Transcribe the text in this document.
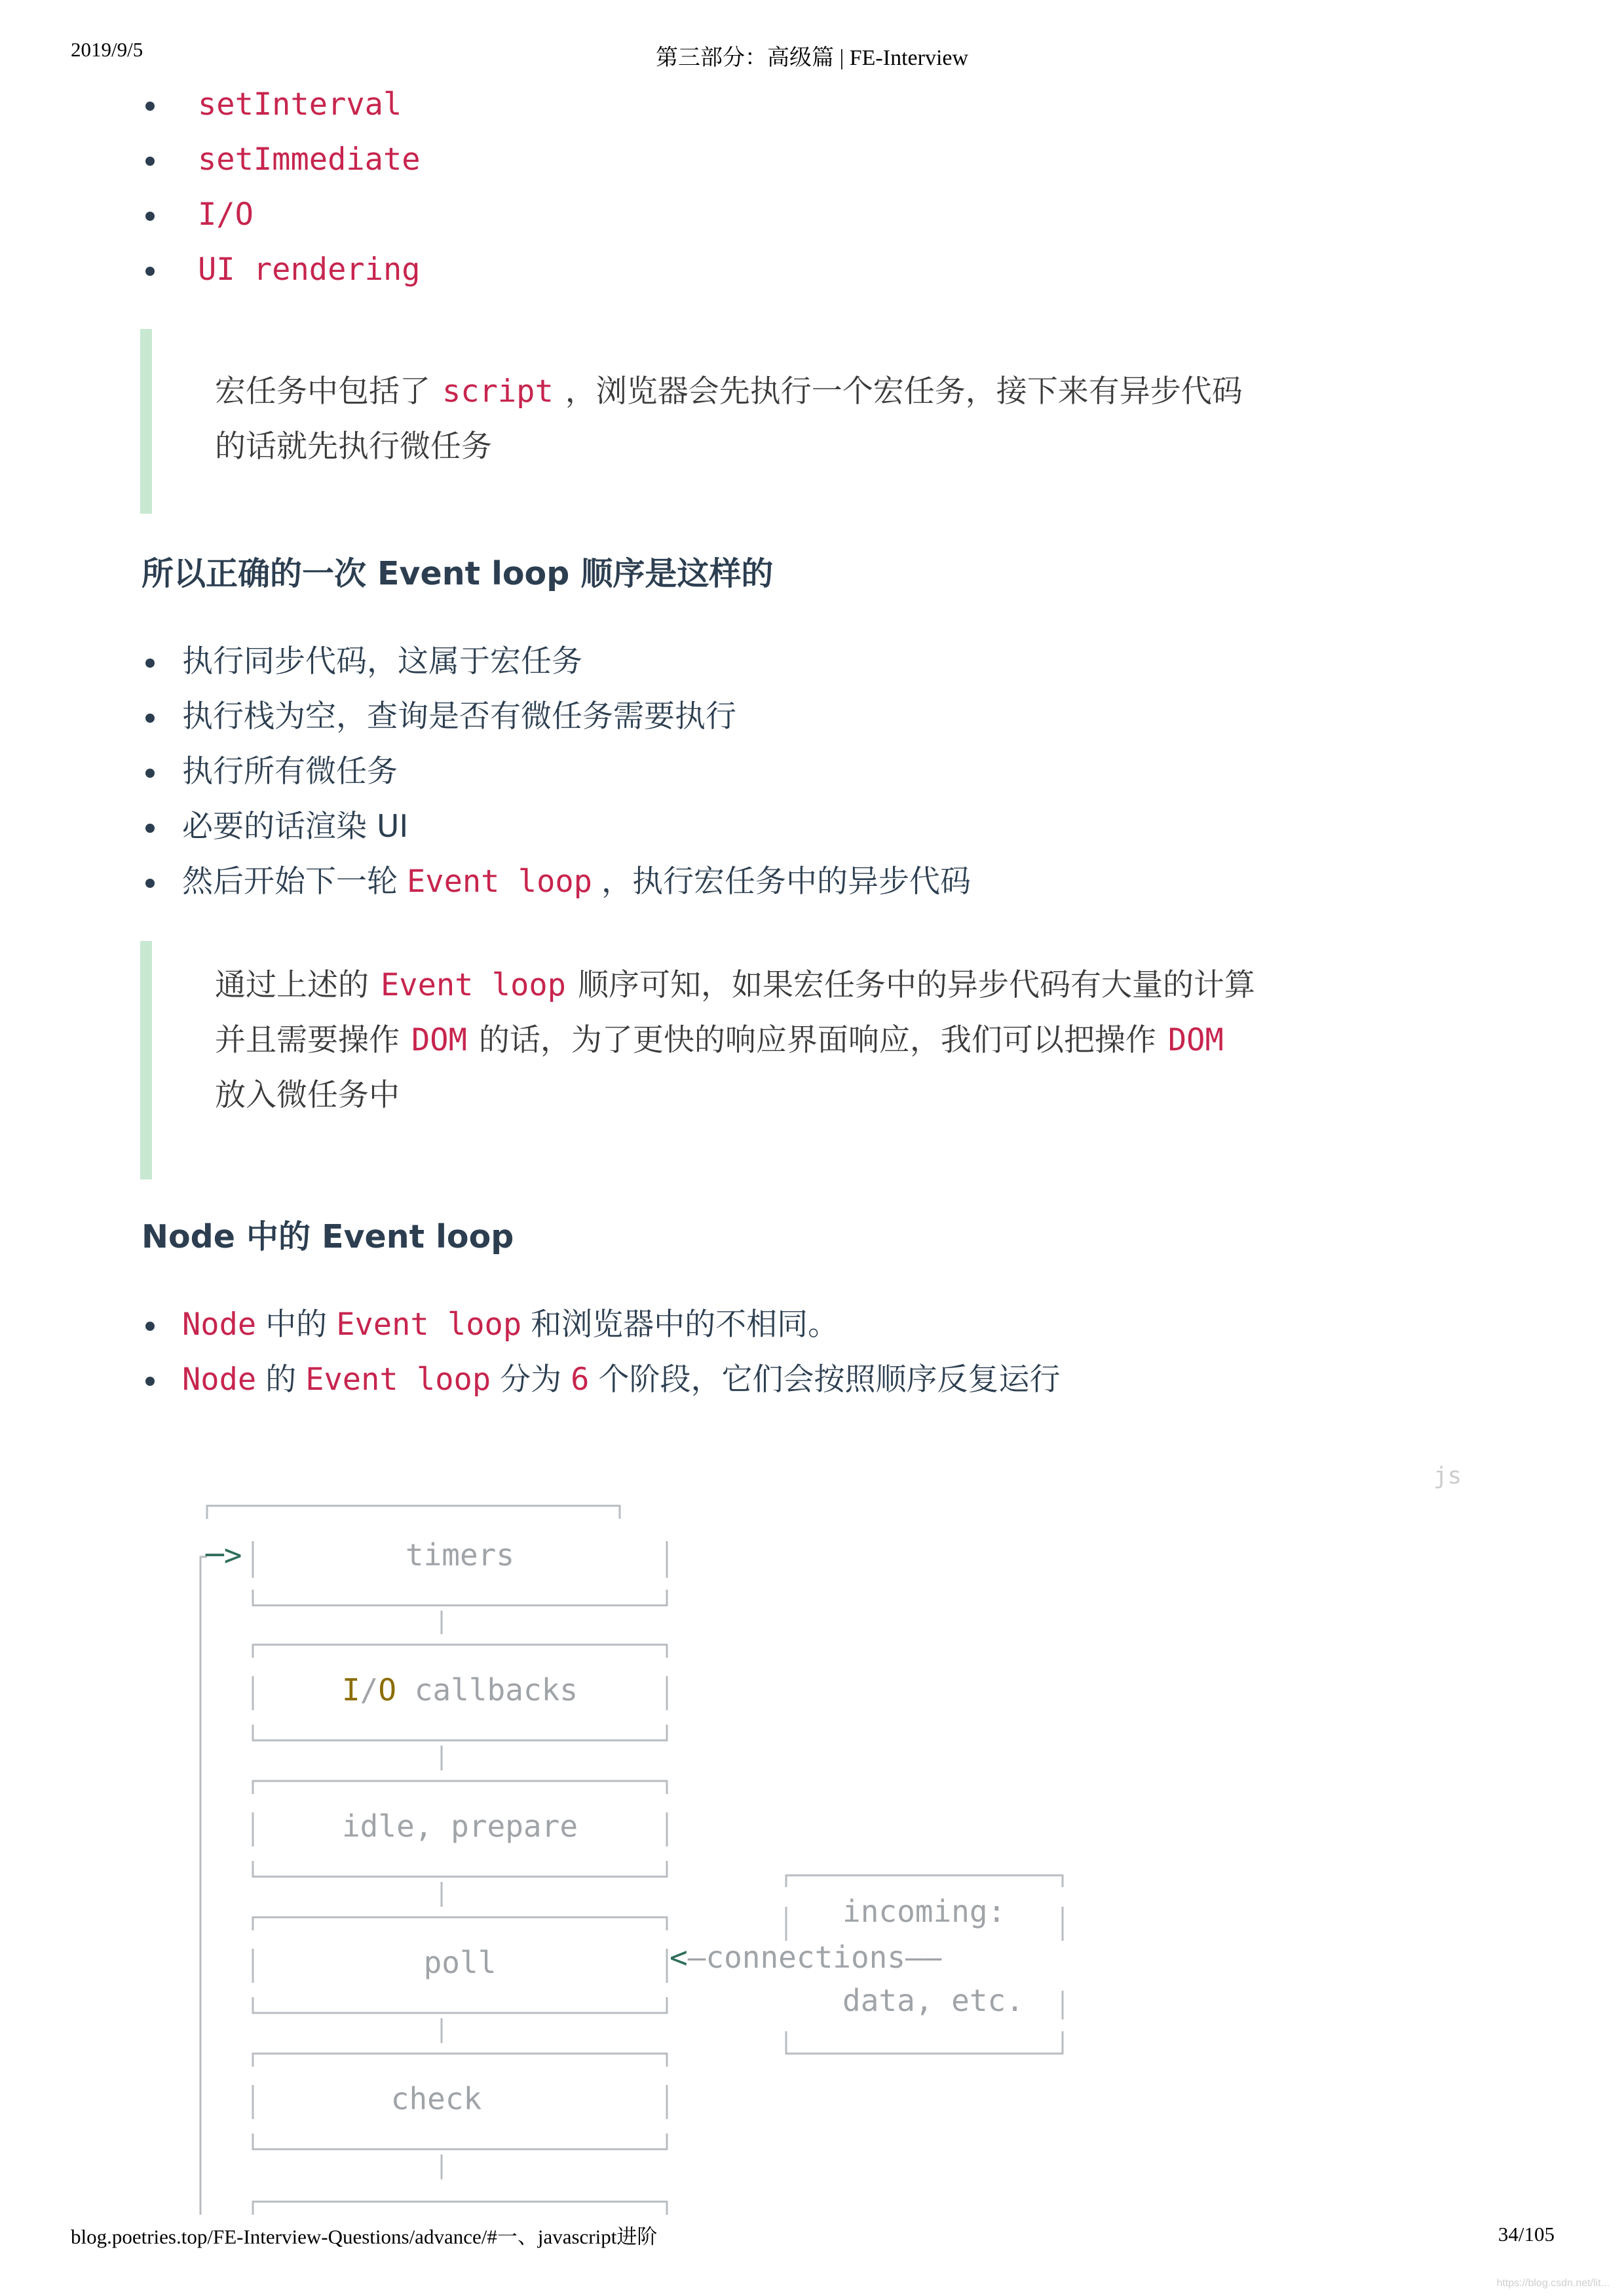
2019/9/5	第三部分：高级篇 | FE-Interview
setInterval
setImmediate
I/O
UI rendering
宏任务中包括了 script ，浏览器会先执行一个宏任务，接下来有异步代码
的话就先执行微任务
所以正确的一次 Event loop 顺序是这样的
执行同步代码，这属于宏任务
执行栈为空，查询是否有微任务需要执行
执行所有微任务
必要的话渲染 UI
然后开始下一轮 Event loop ，执行宏任务中的异步代码
通过上述的 Event loop 顺序可知，如果宏任务中的异步代码有大量的计算
并且需要操作 DOM 的话，为了更快的响应界面响应，我们可以把操作 DOM
放入微任务中
Node 中的 Event loop
Node 中的 Event loop 和浏览器中的不相同。
Node 的 Event loop 分为 6 个阶段，它们会按照顺序反复运行
js
─>	timers
I/O callbacks
idle, prepare
poll
check
incoming:
<—connections——
data, etc.
blog.poetries.top/FE-Interview-Questions/advance/#一、javascript进阶	34/105
https://blog.csdn.net/lit...
